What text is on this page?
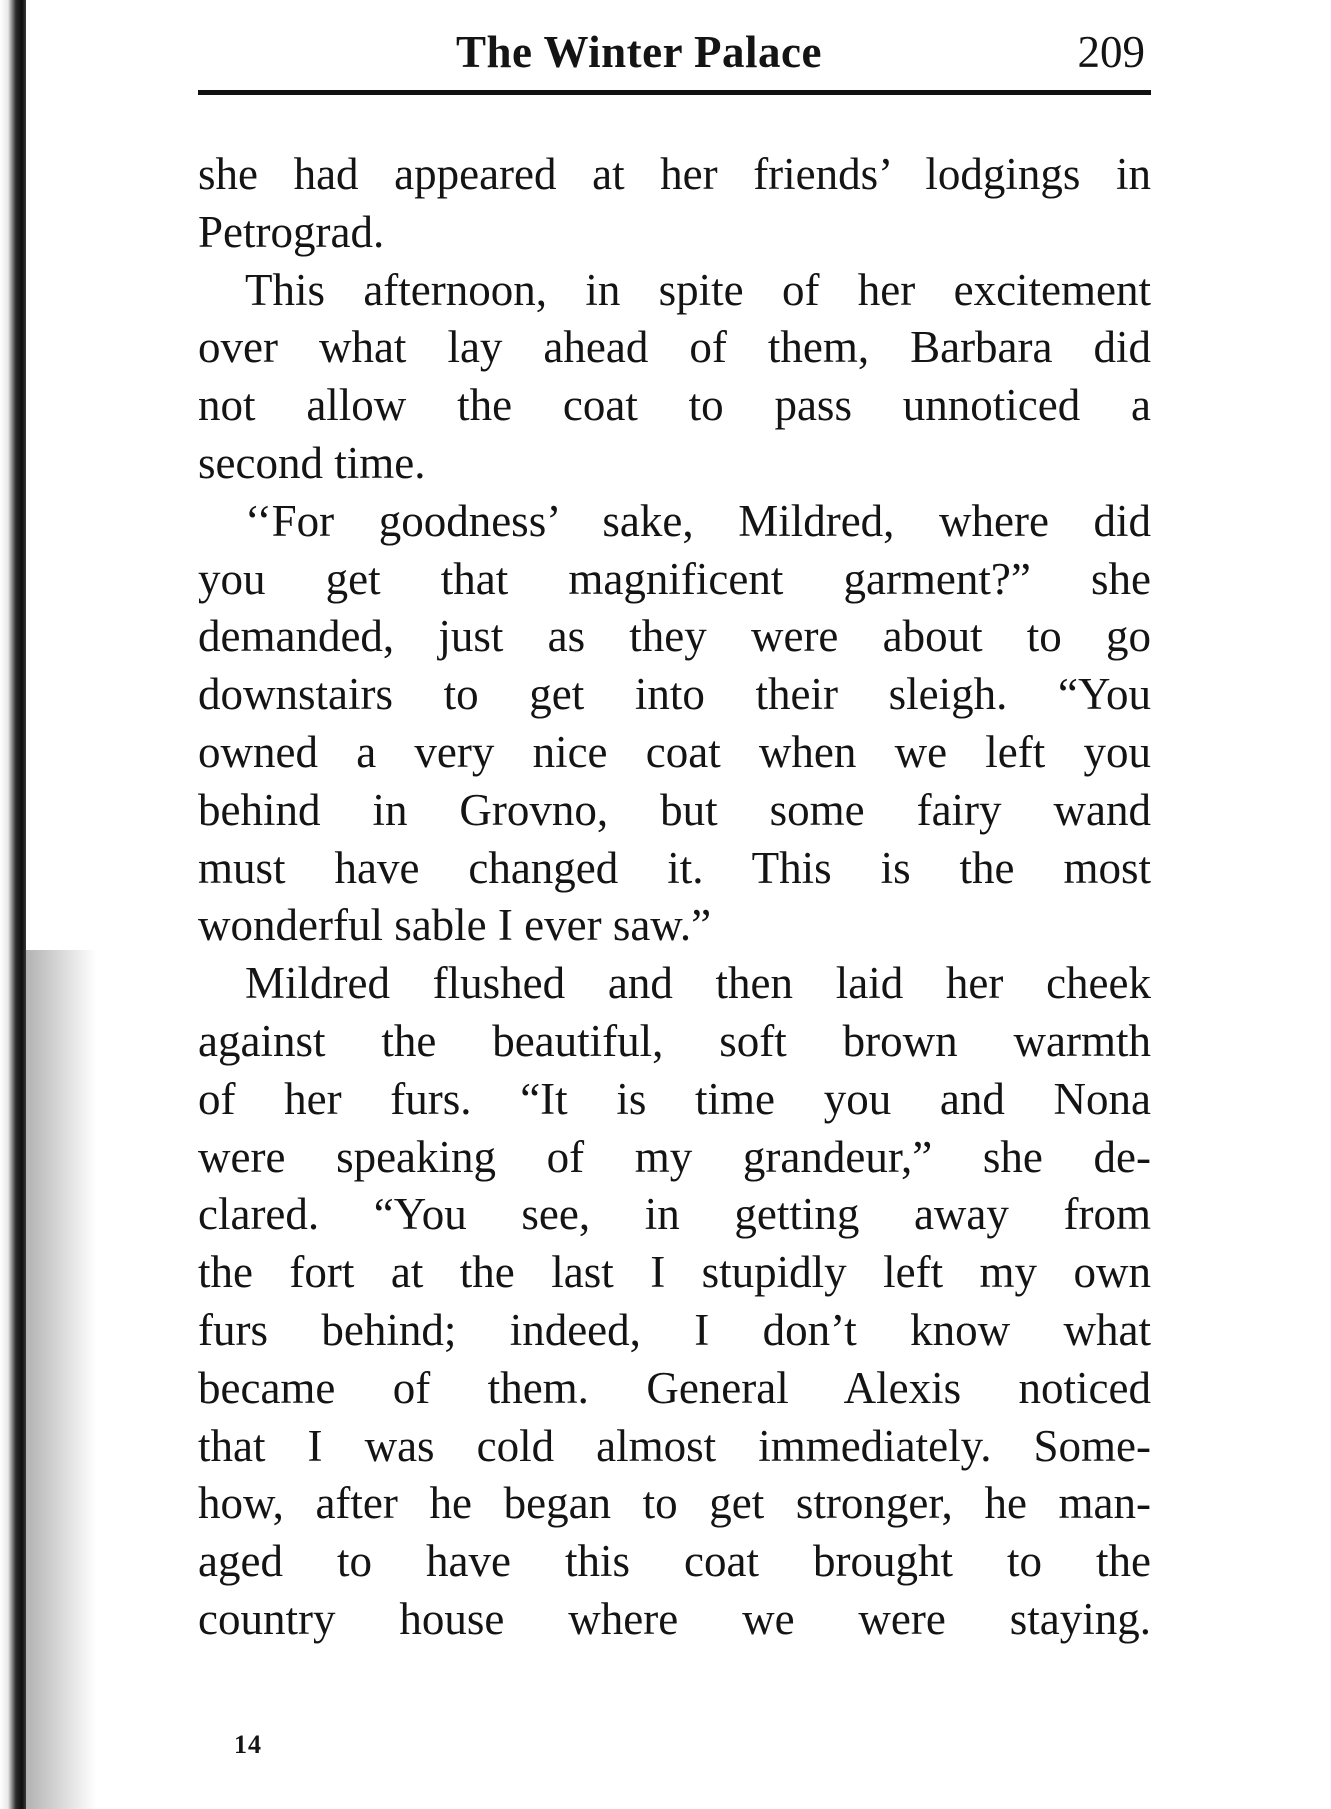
The Winter Palace	209
she had appeared at her friends’ lodgings in
Petrograd.
This afternoon, in spite of her excitement
over what lay ahead of them, Barbara did
not allow the coat to pass unnoticed a
second time.
‘‘For goodness’ sake, Mildred, where did
you get that magnificent garment?” she
demanded, just as they were about to go
downstairs to get into their sleigh. “You
owned a very nice coat when we left you
behind in Grovno, but some fairy wand
must have changed it. This is the most
wonderful sable I ever saw.”
Mildred flushed and then laid her cheek
against the beautiful, soft brown warmth
of her furs. “It is time you and Nona
were speaking of my grandeur,” she de-
clared. “You see, in getting away from
the fort at the last I stupidly left my own
furs behind; indeed, I don’t know what
became of them. General Alexis noticed
that I was cold almost immediately. Some-
how, after he began to get stronger, he man-
aged to have this coat brought to the
country house where we were staying.
14
